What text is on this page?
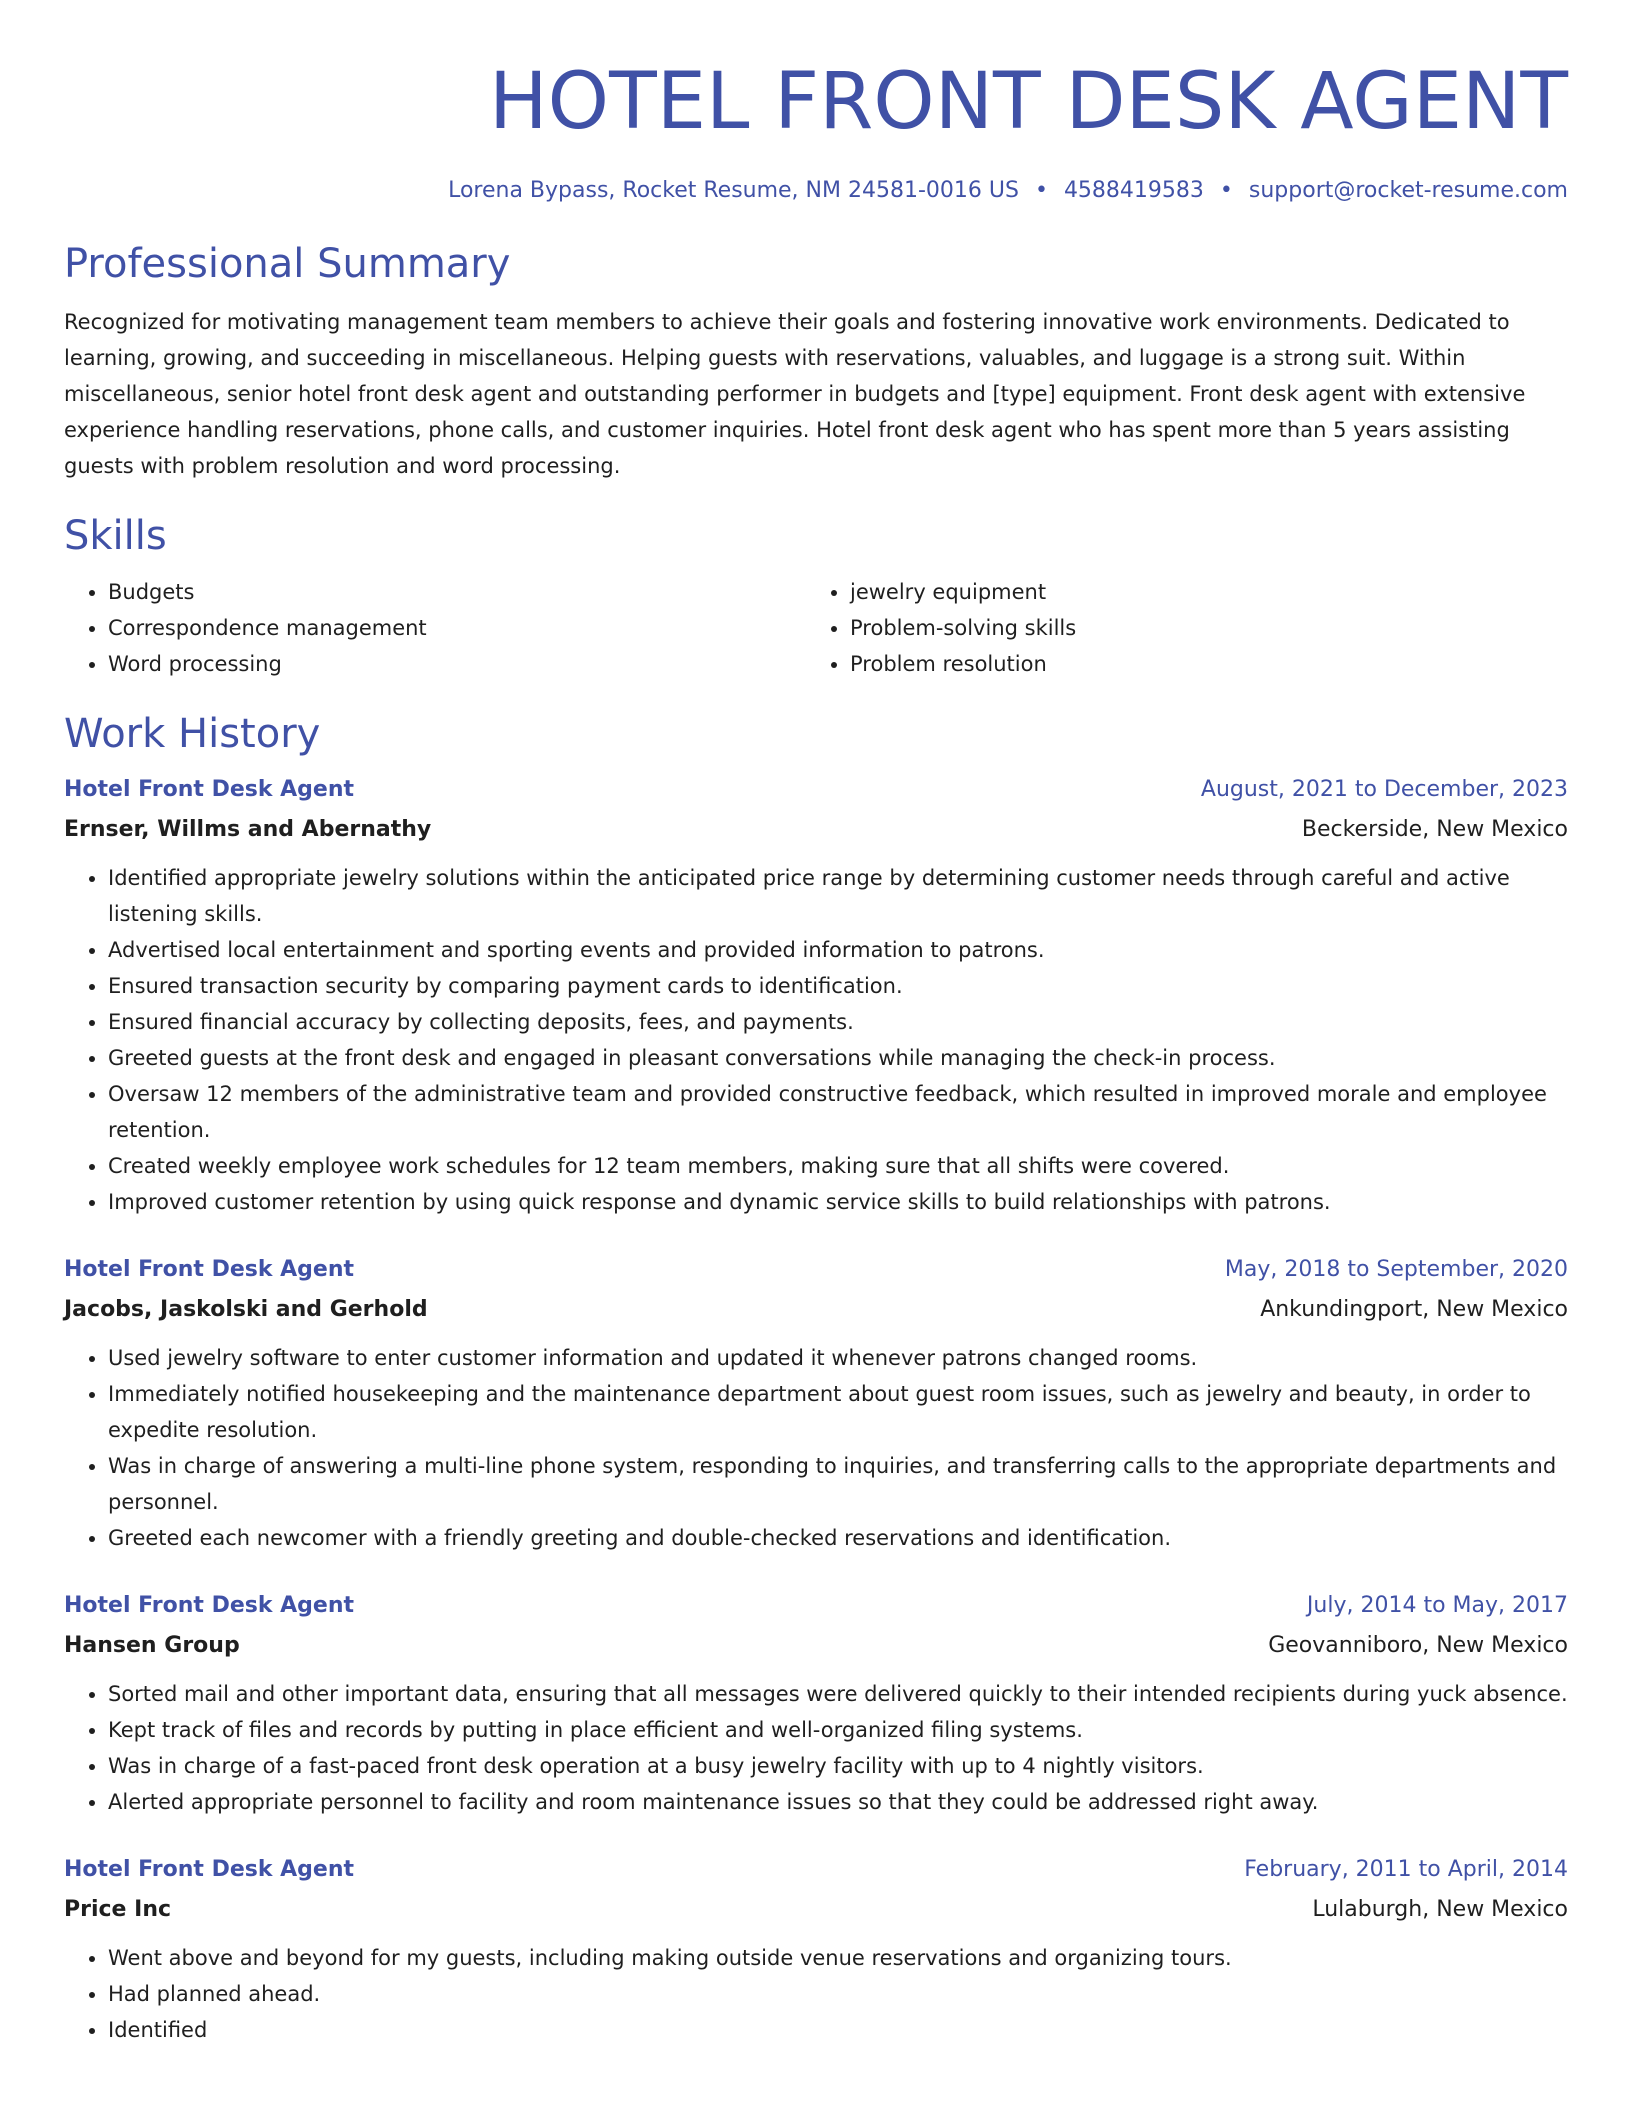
HOTEL FRONT DESK AGENT
Lorena Bypass, Rocket Resume, NM 24581-0016 US • 4588419583 • support@rocket-resume.com
Professional Summary

Recognized for motivating management team members to achieve their goals and fostering innovative work environments. Dedicated to learning, growing, and succeeding in miscellaneous. Helping guests with reservations, valuables, and luggage is a strong suit. Within miscellaneous, senior hotel front desk agent and outstanding performer in budgets and [type] equipment. Front desk agent with extensive experience handling reservations, phone calls, and customer inquiries. Hotel front desk agent who has spent more than 5 years assisting guests with problem resolution and word processing.

Skills
• Budgets
• Correspondence management
• Word processing
• jewelry equipment
• Problem-solving skills
• Problem resolution
Work History
Hotel Front Desk Agent	August, 2021 to December, 2023
Ernser, Willms and Abernathy	Beckerside, New Mexico
• Identified appropriate jewelry solutions within the anticipated price range by determining customer needs through careful and active listening skills.
• Advertised local entertainment and sporting events and provided information to patrons.
• Ensured transaction security by comparing payment cards to identification.
• Ensured financial accuracy by collecting deposits, fees, and payments.
• Greeted guests at the front desk and engaged in pleasant conversations while managing the check-in process.
• Oversaw 12 members of the administrative team and provided constructive feedback, which resulted in improved morale and employee retention.
• Created weekly employee work schedules for 12 team members, making sure that all shifts were covered.
• Improved customer retention by using quick response and dynamic service skills to build relationships with patrons.
Hotel Front Desk Agent	May, 2018 to September, 2020
Jacobs, Jaskolski and Gerhold	Ankundingport, New Mexico
• Used jewelry software to enter customer information and updated it whenever patrons changed rooms.
• Immediately notified housekeeping and the maintenance department about guest room issues, such as jewelry and beauty, in order to expedite resolution.
• Was in charge of answering a multi-line phone system, responding to inquiries, and transferring calls to the appropriate departments and personnel.
• Greeted each newcomer with a friendly greeting and double-checked reservations and identification.
Hotel Front Desk Agent	July, 2014 to May, 2017
Hansen Group	Geovanniboro, New Mexico
• Sorted mail and other important data, ensuring that all messages were delivered quickly to their intended recipients during yuck absence.
• Kept track of files and records by putting in place efficient and well-organized filing systems.
• Was in charge of a fast-paced front desk operation at a busy jewelry facility with up to 4 nightly visitors.
• Alerted appropriate personnel to facility and room maintenance issues so that they could be addressed right away.
Hotel Front Desk Agent	February, 2011 to April, 2014
Price Inc	Lulaburgh, New Mexico
• Went above and beyond for my guests, including making outside venue reservations and organizing tours.
• Had planned ahead.
• Identified
